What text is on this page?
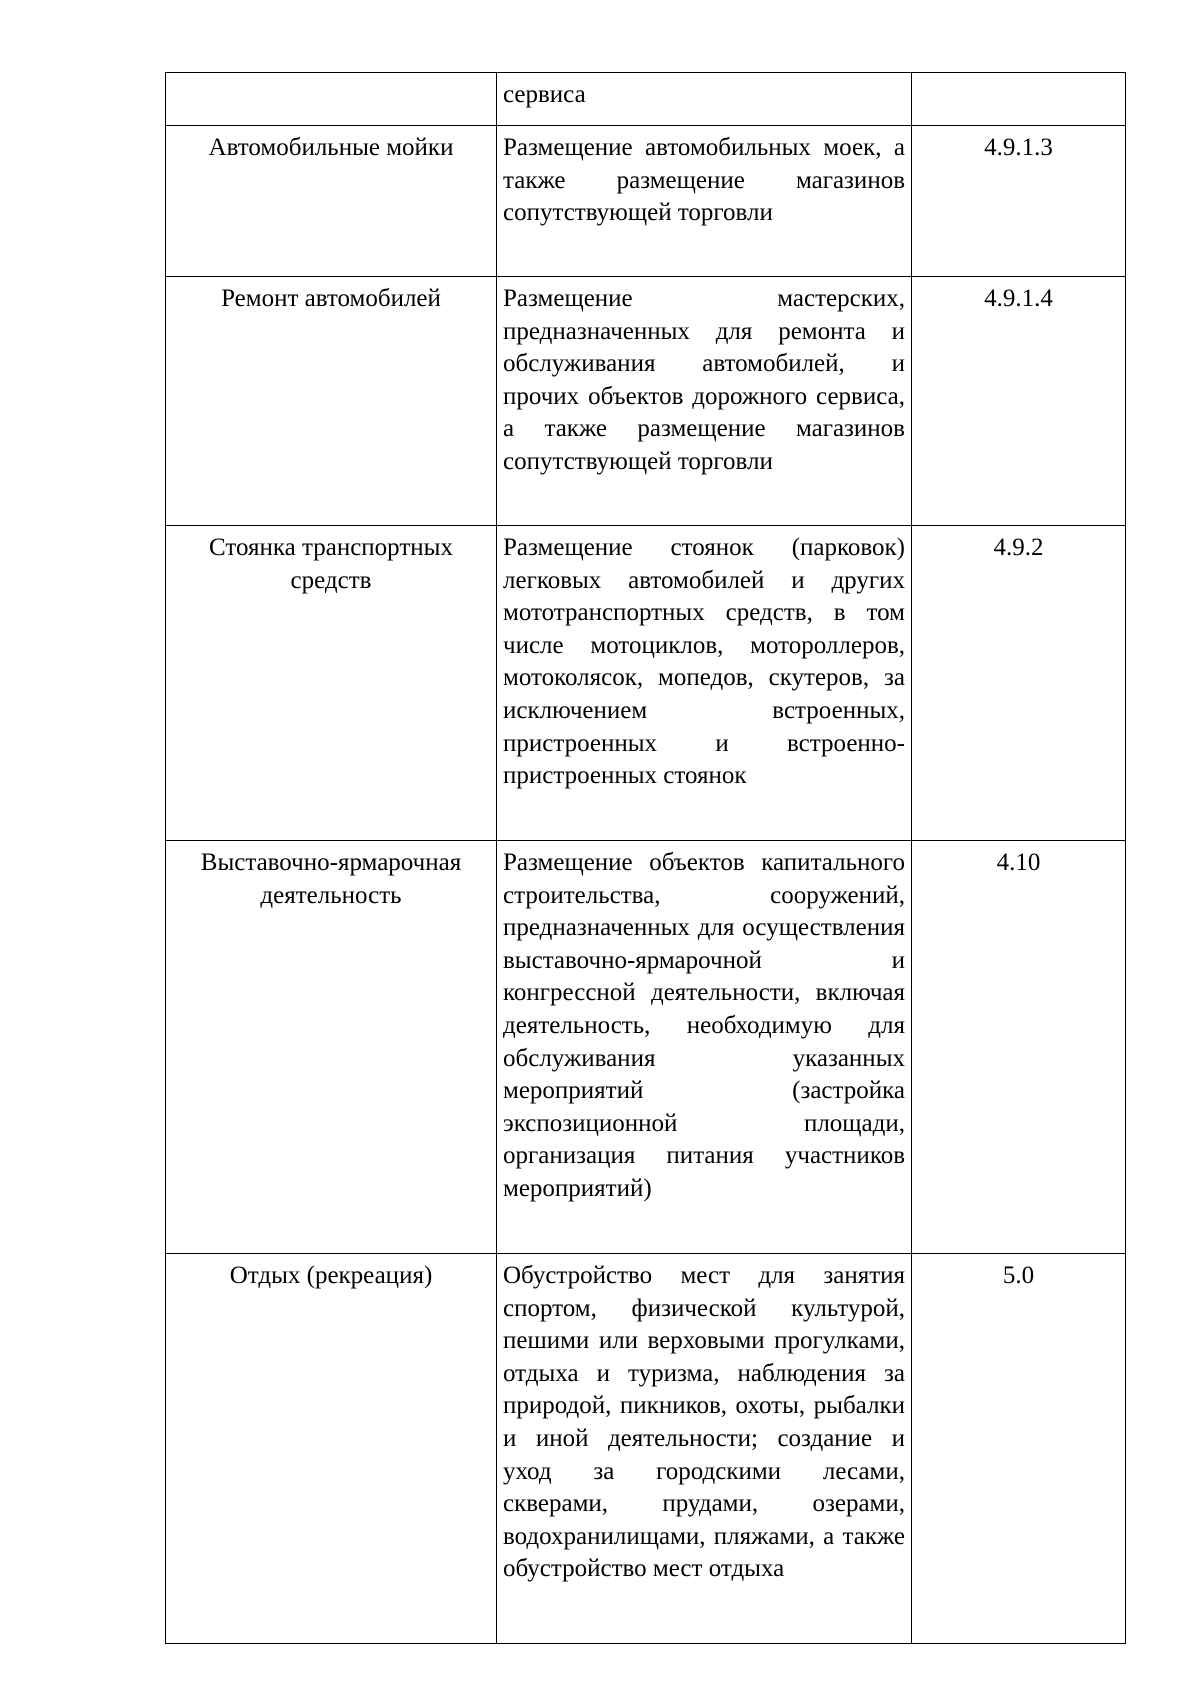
	сервиса	
Автомобильные мойки	Размещение автомобильных моек, а также размещение магазинов сопутствующей торговли	4.9.1.3
Ремонт автомобилей	Размещение мастерских, предназначенных для ремонта и обслуживания автомобилей, и прочих объектов дорожного сервиса, а также размещение магазинов сопутствующей торговли	4.9.1.4
Стоянка транспортных средств	Размещение стоянок (парковок) легковых автомобилей и других мототранспортных средств, в том числе мотоциклов, мотороллеров, мотоколясок, мопедов, скутеров, за исключением встроенных, пристроенных и встроенно-пристроенных стоянок	4.9.2
Выставочно-ярмарочная деятельность	Размещение объектов капитального строительства, сооружений, предназначенных для осуществления выставочно-ярмарочной и конгрессной деятельности, включая деятельность, необходимую для обслуживания указанных мероприятий (застройка экспозиционной площади, организация питания участников мероприятий)	4.10
Отдых (рекреация)	Обустройство мест для занятия спортом, физической культурой, пешими или верховыми прогулками, отдыха и туризма, наблюдения за природой, пикников, охоты, рыбалки и иной деятельности; создание и уход за городскими лесами, скверами, прудами, озерами, водохранилищами, пляжами, а также обустройство мест отдыха	5.0
